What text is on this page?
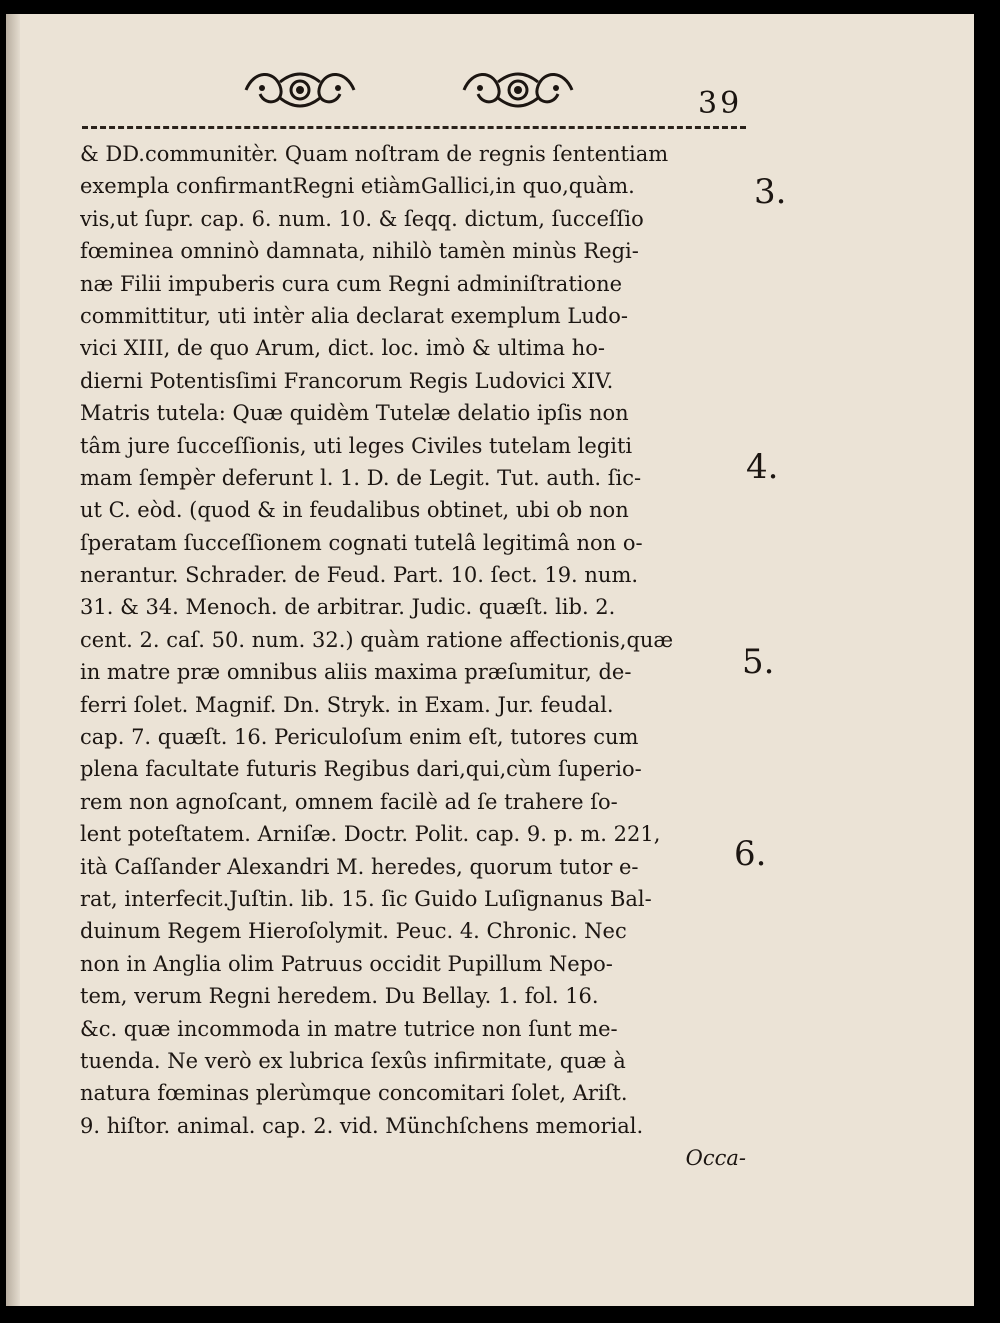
39
& DD.communitèr. Quam noſtram de regnis ſententiam
exempla confirmantRegni etiàmGallici,in quo,quàm.
vis,ut ſupr. cap. 6. num. 10. & ſeqq. dictum, ſucceſſio
fœminea omninò damnata, nihilò tamèn minùs Regi-
næ Filii impuberis cura cum Regni adminiſtratione
committitur, uti intèr alia declarat exemplum Ludo-
vici XIII, de quo Arum, dict. loc. imò & ultima ho-
dierni Potentisſimi Francorum Regis Ludovici XIV.
Matris tutela: Quæ quidèm Tutelæ delatio ipſis non
tâm jure ſucceſſionis, uti leges Civiles tutelam legiti
mam ſempèr deferunt l. 1. D. de Legit. Tut. auth. ſic-
ut C. eòd. (quod & in feudalibus obtinet, ubi ob non
ſperatam ſucceſſionem cognati tutelâ legitimâ non o-
nerantur. Schrader. de Feud. Part. 10. ſect. 19. num.
31. & 34. Menoch. de arbitrar. Judic. quæſt. lib. 2.
cent. 2. caſ. 50. num. 32.) quàm ratione affectionis,quæ
in matre præ omnibus aliis maxima præſumitur, de-
ferri ſolet. Magnif. Dn. Stryk. in Exam. Jur. feudal.
cap. 7. quæſt. 16. Periculoſum enim eſt, tutores cum
plena facultate futuris Regibus dari,qui,cùm ſuperio-
rem non agnoſcant, omnem facilè ad ſe trahere ſo-
lent poteſtatem. Arniſæ. Doctr. Polit. cap. 9. p. m. 221,
ità Caſſander Alexandri M. heredes, quorum tutor e-
rat, interfecit.Juſtin. lib. 15. ſic Guido Luſignanus Bal-
duinum Regem Hieroſolymit. Peuc. 4. Chronic. Nec
non in Anglia olim Patruus occidit Pupillum Nepo-
tem, verum Regni heredem. Du Bellay. 1. fol. 16.
&c. quæ incommoda in matre tutrice non ſunt me-
tuenda. Ne verò ex lubrica ſexûs infirmitate, quæ à
natura fœminas plerùmque concomitari ſolet, Ariſt.
9. hiſtor. animal. cap. 2. vid. Münchſchens memorial.
Occa-
3.
4.
5.
6.
